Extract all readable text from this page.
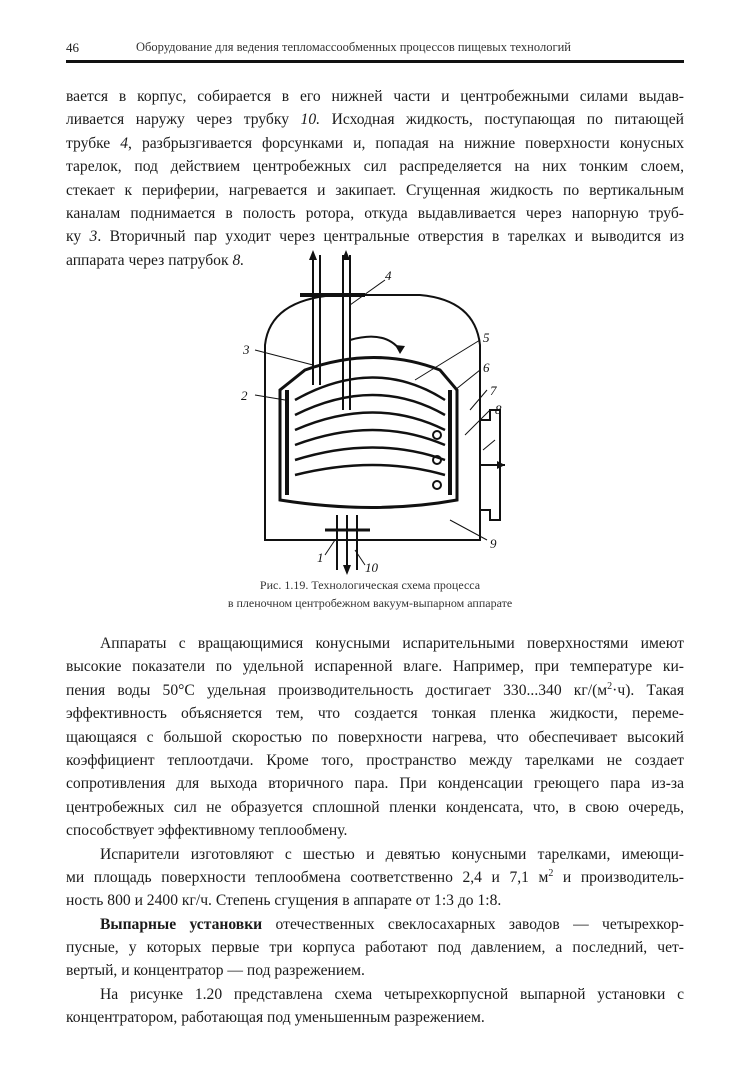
46	Оборудование для ведения тепломассообменных процессов пищевых технологий
вается в корпус, собирается в его нижней части и центробежными силами выдав-
ливается наружу через трубку 10. Исходная жидкость, поступающая по питающей
трубке 4, разбрызгивается форсунками и, попадая на нижние поверхности конусных
тарелок, под действием центробежных сил распределяется на них тонким слоем,
стекает к периферии, нагревается и закипает. Сгущенная жидкость по вертикальным
каналам поднимается в полость ротора, откуда выдавливается через напорную труб-
ку 3. Вторичный пар уходит через центральные отверстия в тарелках и выводится из
аппарата через патрубок 8.
1
2
3
4
5
6
7
8
9
10
Рис. 1.19. Технологическая схема процесса
в пленочном центробежном вакуум-выпарном аппарате
Аппараты с вращающимися конусными испарительными поверхностями имеют
высокие показатели по удельной испаренной влаге. Например, при температуре ки-
пения воды 50°С удельная производительность достигает 330...340 $кг/(м^2\cdot ч)$. Такая
эффективность объясняется тем, что создается тонкая пленка жидкости, переме-
щающаяся с большой скоростью по поверхности нагрева, что обеспечивает высокий
коэффициент теплоотдачи. Кроме того, пространство между тарелками не создает
сопротивления для выхода вторичного пара. При конденсации греющего пара из-за
центробежных сил не образуется сплошной пленки конденсата, что, в свою очередь,
способствует эффективному теплообмену.
Испарители изготовляют с шестью и девятью конусными тарелками, имеющи-
ми площадь поверхности теплообмена соответственно 2,4 и 7,1 $м^2$ и производитель-
ность 800 и 2400 кг/ч. Степень сгущения в аппарате от 1:3 до 1:8.
Выпарные установки отечественных свеклосахарных заводов — четырехкор-
пусные, у которых первые три корпуса работают под давлением, а последний, чет-
вертый, и концентратор — под разрежением.
На рисунке 1.20 представлена схема четырехкорпусной выпарной установки с
концентратором, работающая под уменьшенным разрежением.
